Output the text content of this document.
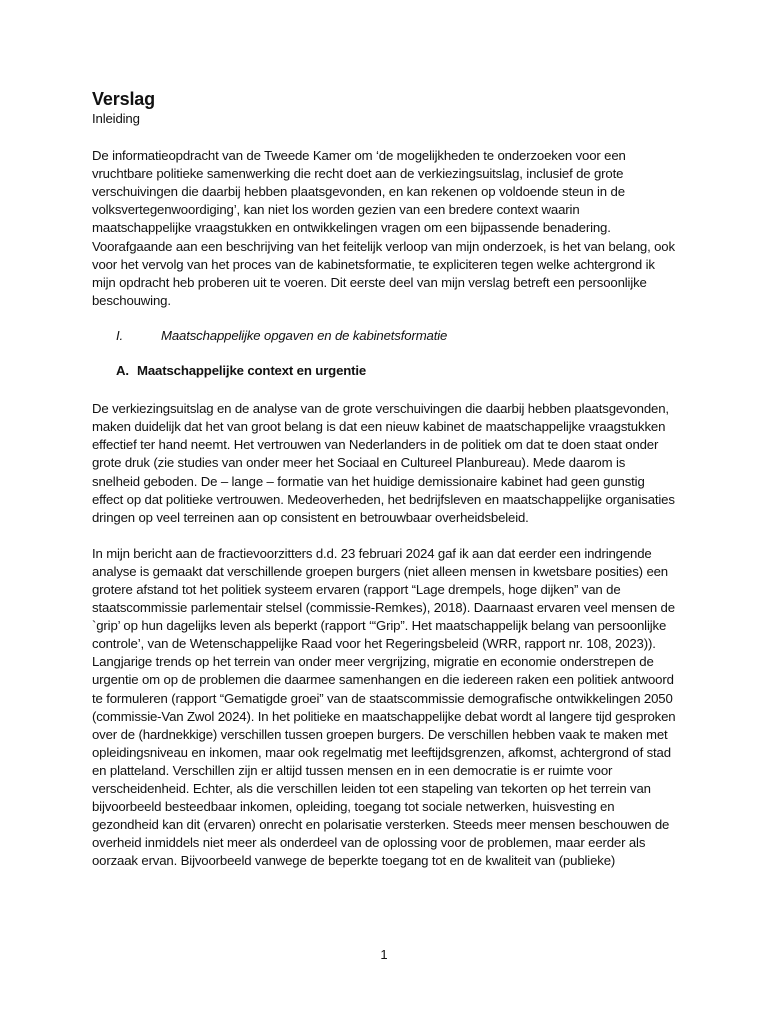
Verslag

Inleiding

De informatieopdracht van de Tweede Kamer om ‘de mogelijkheden te onderzoeken voor een vruchtbare politieke samenwerking die recht doet aan de verkiezingsuitslag, inclusief de grote verschuivingen die daarbij hebben plaatsgevonden, en kan rekenen op voldoende steun in de volksvertegenwoordiging’, kan niet los worden gezien van een bredere context waarin maatschappelijke vraagstukken en ontwikkelingen vragen om een bijpassende benadering. Voorafgaande aan een beschrijving van het feitelijk verloop van mijn onderzoek, is het van belang, ook voor het vervolg van het proces van de kabinetsformatie, te expliciteren tegen welke achtergrond ik mijn opdracht heb proberen uit te voeren. Dit eerste deel van mijn verslag betreft een persoonlijke beschouwing.

I.	Maatschappelijke opgaven en de kabinetsformatie
A. Maatschappelijke context en urgentie

De verkiezingsuitslag en de analyse van de grote verschuivingen die daarbij hebben plaatsgevonden, maken duidelijk dat het van groot belang is dat een nieuw kabinet de maatschappelijke vraagstukken effectief ter hand neemt. Het vertrouwen van Nederlanders in de politiek om dat te doen staat onder grote druk (zie studies van onder meer het Sociaal en Cultureel Planbureau). Mede daarom is snelheid geboden. De – lange – formatie van het huidige demissionaire kabinet had geen gunstig effect op dat politieke vertrouwen. Medeoverheden, het bedrijfsleven en maatschappelijke organisaties dringen op veel terreinen aan op consistent en betrouwbaar overheidsbeleid.

In mijn bericht aan de fractievoorzitters d.d. 23 februari 2024 gaf ik aan dat eerder een indringende analyse is gemaakt dat verschillende groepen burgers (niet alleen mensen in kwetsbare posities) een grotere afstand tot het politiek systeem ervaren (rapport “Lage drempels, hoge dijken” van de staatscommissie parlementair stelsel (commissie-Remkes), 2018). Daarnaast ervaren veel mensen de `grip’ op hun dagelijks leven als beperkt (rapport ‘“Grip”. Het maatschappelijk belang van persoonlijke controle’, van de Wetenschappelijke Raad voor het Regeringsbeleid (WRR, rapport nr. 108, 2023)). Langjarige trends op het terrein van onder meer vergrijzing, migratie en economie onderstrepen de urgentie om op de problemen die daarmee samenhangen en die iedereen raken een politiek antwoord te formuleren (rapport “Gematigde groei” van de staatscommissie demografische ontwikkelingen 2050 (commissie-Van Zwol 2024). In het politieke en maatschappelijke debat wordt al langere tijd gesproken over de (hardnekkige) verschillen tussen groepen burgers. De verschillen hebben vaak te maken met opleidingsniveau en inkomen, maar ook regelmatig met leeftijdsgrenzen, afkomst, achtergrond of stad en platteland. Verschillen zijn er altijd tussen mensen en in een democratie is er ruimte voor verscheidenheid. Echter, als die verschillen leiden tot een stapeling van tekorten op het terrein van bijvoorbeeld besteedbaar inkomen, opleiding, toegang tot sociale netwerken, huisvesting en gezondheid kan dit (ervaren) onrecht en polarisatie versterken. Steeds meer mensen beschouwen de overheid inmiddels niet meer als onderdeel van de oplossing voor de problemen, maar eerder als oorzaak ervan. Bijvoorbeeld vanwege de beperkte toegang tot en de kwaliteit van (publieke)

1
